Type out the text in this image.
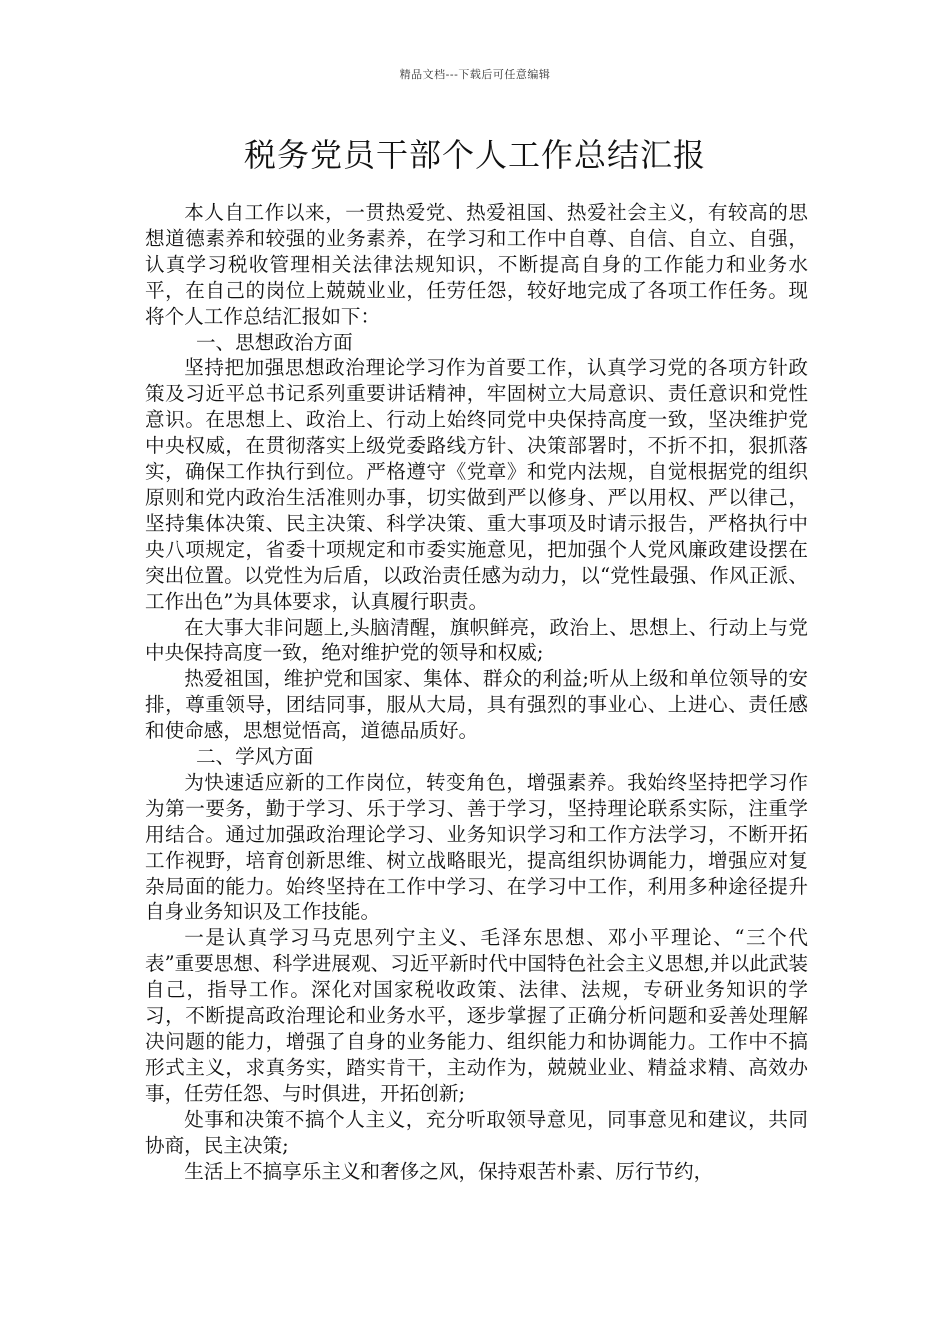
精品文档---下载后可任意编辑
税务党员干部个人工作总结汇报

本人自工作以来，一贯热爱党、热爱祖国、热爱社会主义，有较高的思想道德素养和较强的业务素养，在学习和工作中自尊、自信、自立、自强，认真学习税收管理相关法律法规知识，不断提高自身的工作能力和业务水平，在自己的岗位上兢兢业业，任劳任怨，较好地完成了各项工作任务。现将个人工作总结汇报如下：

一、思想政治方面

坚持把加强思想政治理论学习作为首要工作，认真学习党的各项方针政策及习近平总书记系列重要讲话精神，牢固树立大局意识、责任意识和党性意识。在思想上、政治上、行动上始终同党中央保持高度一致，坚决维护党中央权威，在贯彻落实上级党委路线方针、决策部署时，不折不扣，狠抓落实，确保工作执行到位。严格遵守《党章》和党内法规，自觉根据党的组织原则和党内政治生活准则办事，切实做到严以修身、严以用权、严以律己，坚持集体决策、民主决策、科学决策、重大事项及时请示报告，严格执行中央八项规定，省委十项规定和市委实施意见，把加强个人党风廉政建设摆在突出位置。以党性为后盾，以政治责任感为动力，以“党性最强、作风正派、工作出色”为具体要求，认真履行职责。

在大事大非问题上,头脑清醒，旗帜鲜亮，政治上、思想上、行动上与党中央保持高度一致，绝对维护党的领导和权威;

热爱祖国，维护党和国家、集体、群众的利益;听从上级和单位领导的安排，尊重领导，团结同事，服从大局，具有强烈的事业心、上进心、责任感和使命感，思想觉悟高，道德品质好。

二、学风方面

为快速适应新的工作岗位，转变角色，增强素养。我始终坚持把学习作为第一要务，勤于学习、乐于学习、善于学习，坚持理论联系实际，注重学用结合。通过加强政治理论学习、业务知识学习和工作方法学习，不断开拓工作视野，培育创新思维、树立战略眼光，提高组织协调能力，增强应对复杂局面的能力。始终坚持在工作中学习、在学习中工作，利用多种途径提升自身业务知识及工作技能。

一是认真学习马克思列宁主义、毛泽东思想、邓小平理论、“三个代表”重要思想、科学进展观、习近平新时代中国特色社会主义思想,并以此武装自己，指导工作。深化对国家税收政策、法律、法规，专研业务知识的学习，不断提高政治理论和业务水平，逐步掌握了正确分析问题和妥善处理解决问题的能力，增强了自身的业务能力、组织能力和协调能力。工作中不搞形式主义，求真务实，踏实肯干，主动作为，兢兢业业、精益求精、高效办事，任劳任怨、与时俱进，开拓创新;

处事和决策不搞个人主义，充分听取领导意见，同事意见和建议，共同协商，民主决策;

生活上不搞享乐主义和奢侈之风，保持艰苦朴素、厉行节约，
